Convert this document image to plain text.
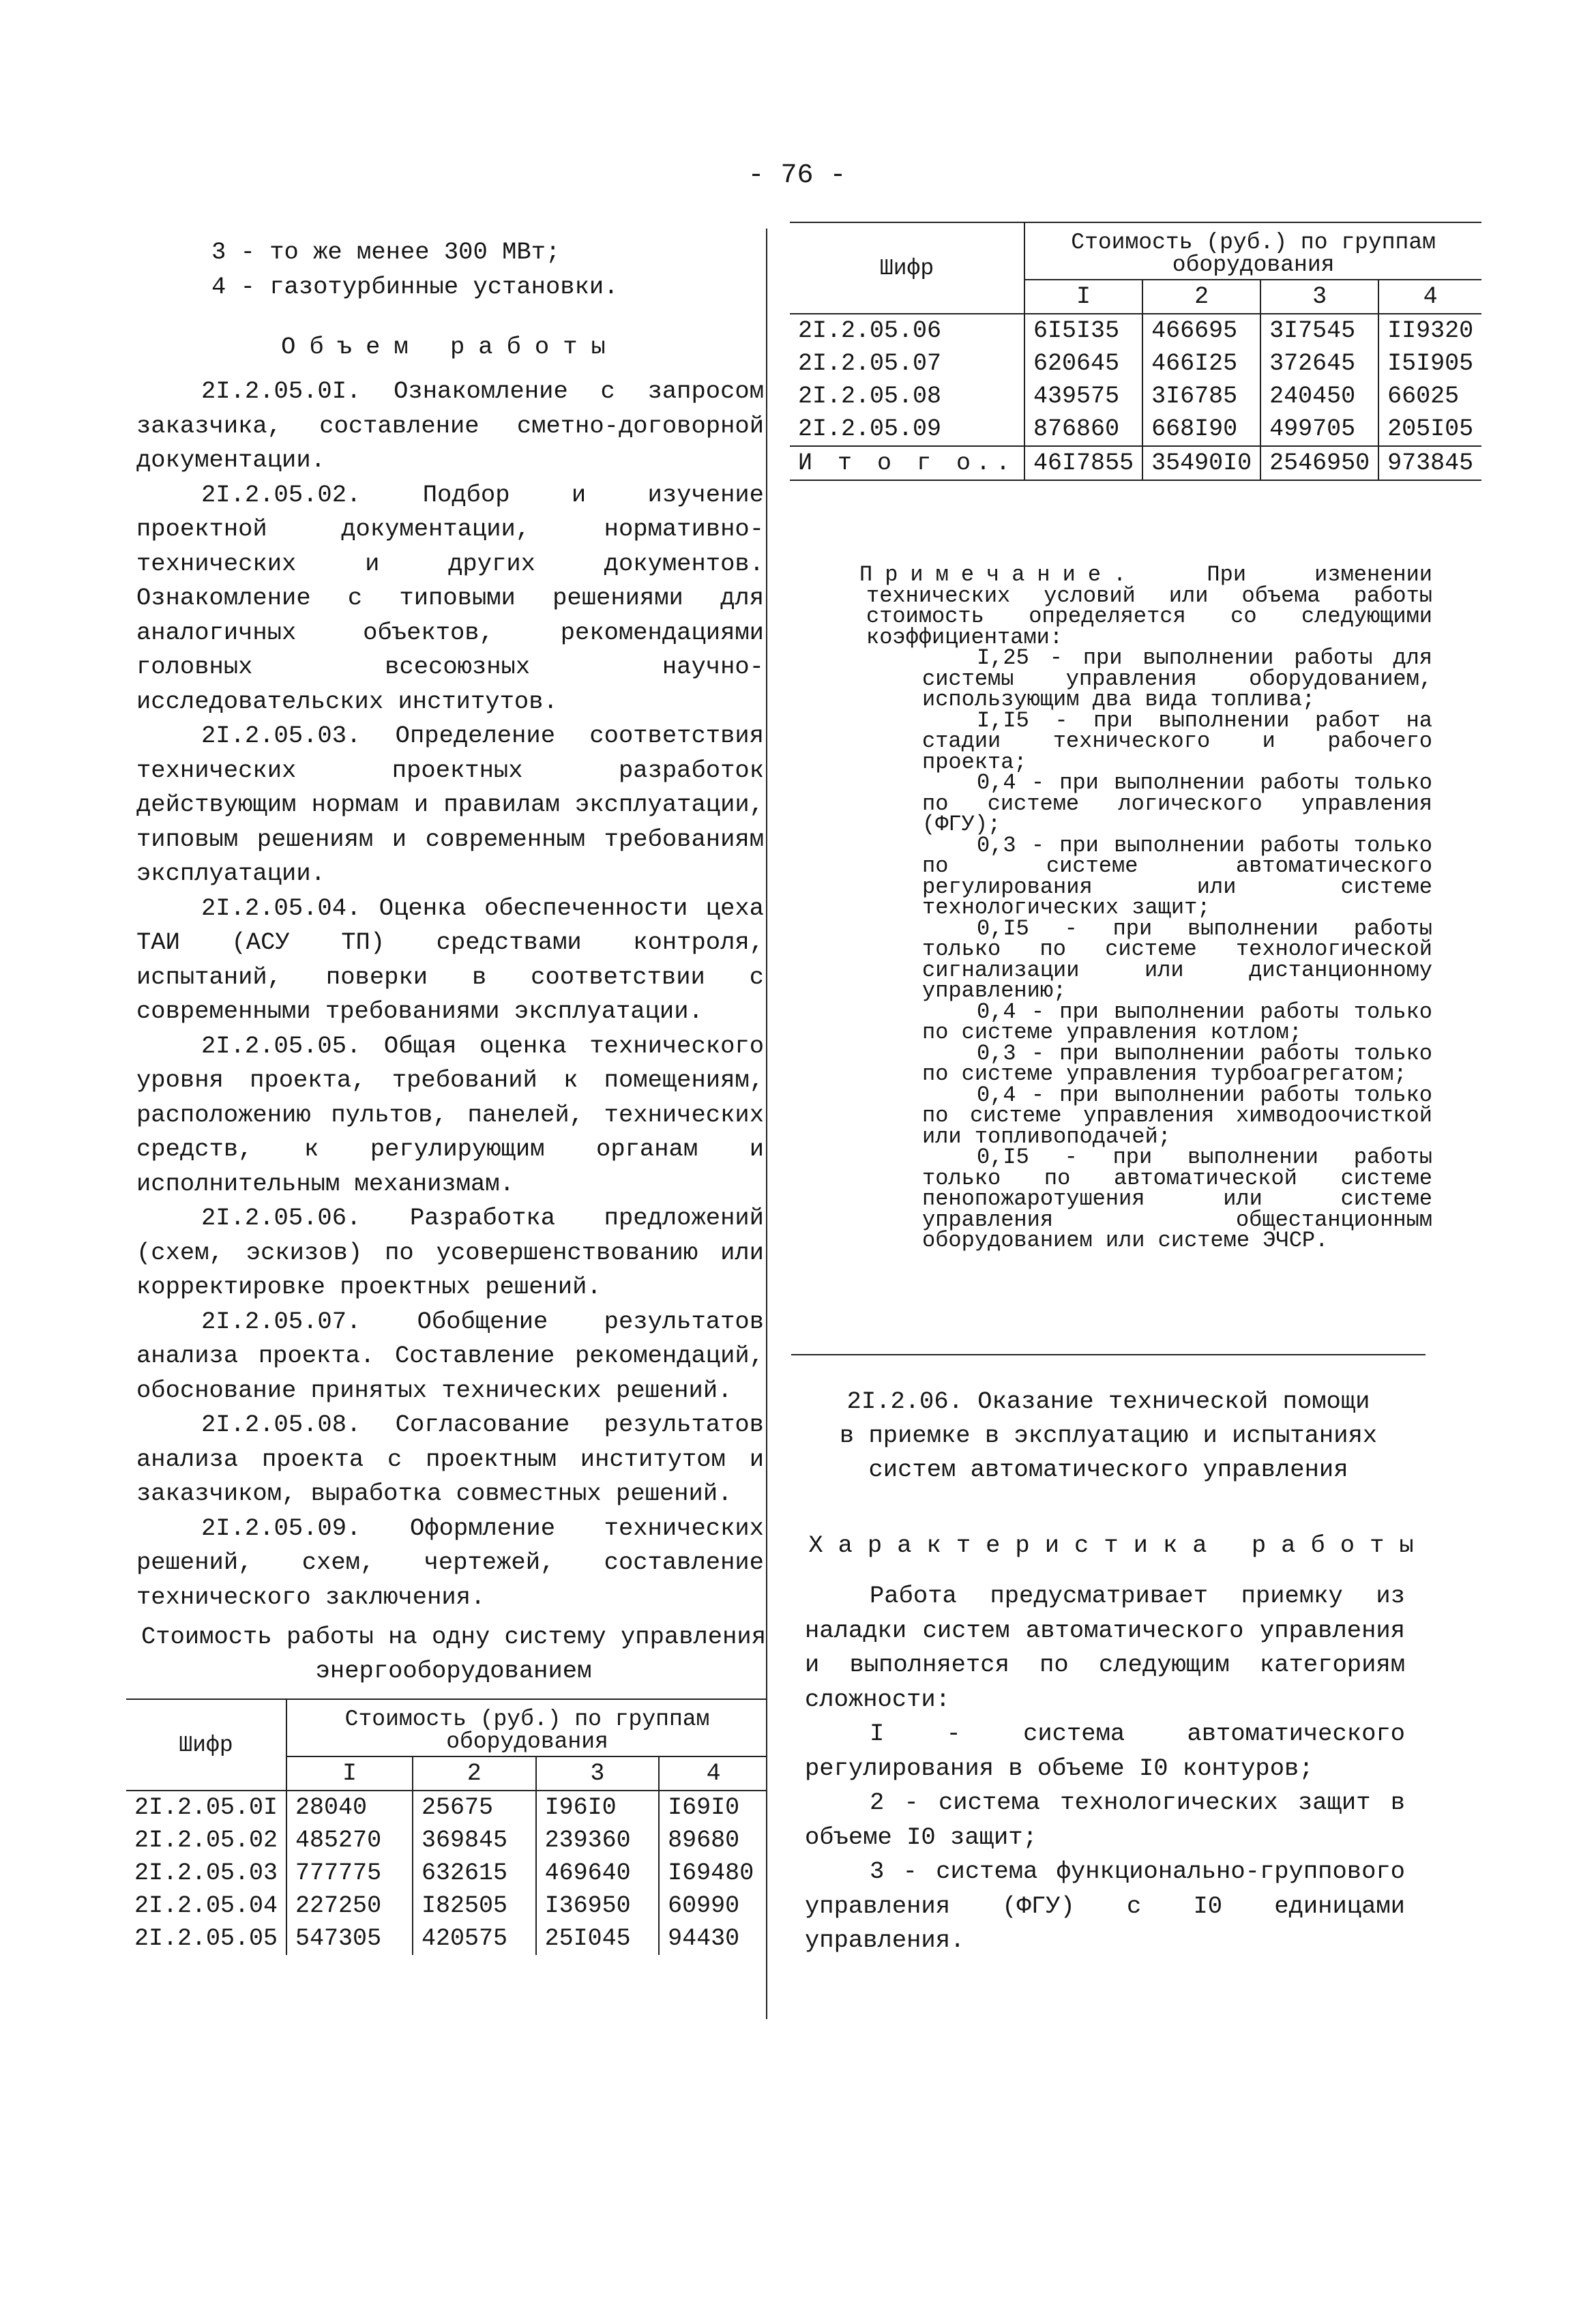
- 76 -
3 - то же менее 300 МВт;
4 - газотурбинные установки.
Объем работы
2I.2.05.0I. Ознакомление с запросом заказчика, составление сметно-договорной документации.
2I.2.05.02. Подбор и изучение проектной документации, нормативно-технических и других документов. Ознакомление с типовыми решениями для аналогичных объектов, рекомендациями головных всесоюзных научно-исследовательских институтов.
2I.2.05.03. Определение соответствия технических проектных разработок действующим нормам и правилам эксплуатации, типовым решениям и современным требованиям эксплуатации.
2I.2.05.04. Оценка обеспеченности цеха ТАИ (АСУ ТП) средствами контроля, испытаний, поверки в соответствии с современными требованиями эксплуатации.
2I.2.05.05. Общая оценка технического уровня проекта, требований к помещениям, расположению пультов, панелей, технических средств, к регулирующим органам и исполнительным механизмам.
2I.2.05.06. Разработка предложений (схем, эскизов) по усовершенствованию или корректировке проектных решений.
2I.2.05.07. Обобщение результатов анализа проекта. Составление рекомендаций, обоснование принятых технических решений.
2I.2.05.08. Согласование результатов анализа проекта с проектным институтом и заказчиком, выработка совместных решений.
2I.2.05.09. Оформление технических решений, схем, чертежей, составление технического заключения.
Стоимость работы на одну систему управления
энергооборудованием
Шифр	Стоимость (руб.) по группам оборудования			
	I	2	3	4

2I.2.05.0I	28040	25675	I96I0	I69I0
2I.2.05.02	485270	369845	239360	89680
2I.2.05.03	777775	632615	469640	I69480
2I.2.05.04	227250	I82505	I36950	60990
2I.2.05.05	547305	420575	25I045	94430
Шифр	Стоимость (руб.) по группам оборудования			
	I	2	3	4

2I.2.05.06	6I5I35	466695	3I7545	II9320
2I.2.05.07	620645	466I25	372645	I5I905
2I.2.05.08	439575	3I6785	240450	66025
2I.2.05.09	876860	668I90	499705	205I05

И т о г о..	46I7855	35490I0	2546950	973845
Примечание.	При изменении технических условий или объема работы стоимость определяется со следующими коэффициентами:
I,25 - при выполнении работы для системы управления оборудованием, использующим два вида топлива;
I,I5 - при выполнении работ на стадии технического и рабочего проекта;
0,4 - при выполнении работы только по системе логического управления (ФГУ);
0,3 - при выполнении работы только по системе автоматического регулирования или системе технологических защит;
0,I5 - при выполнении работы только по системе технологической сигнализации или дистанционному управлению;
0,4 - при выполнении работы только по системе управления котлом;
0,3 - при выполнении работы только по системе управления турбоагрегатом;
0,4 - при выполнении работы только по системе управления химводоочисткой или топливоподачей;
0,I5 - при выполнении работы только по автоматической системе пенопожаротушения или системе управления общестанционным оборудованием или системе ЭЧСР.
2I.2.06. Оказание технической помощи
в приемке в эксплуатацию и испытаниях
систем автоматического управления
Характеристика работы
Работа предусматривает приемку из наладки систем автоматического управления и выполняется по следующим категориям сложности:
I - система автоматического регулирования в объеме I0 контуров;
2 - система технологических защит в объеме I0 защит;
3 - система функционально-группового управления (ФГУ) с I0 единицами управления.
